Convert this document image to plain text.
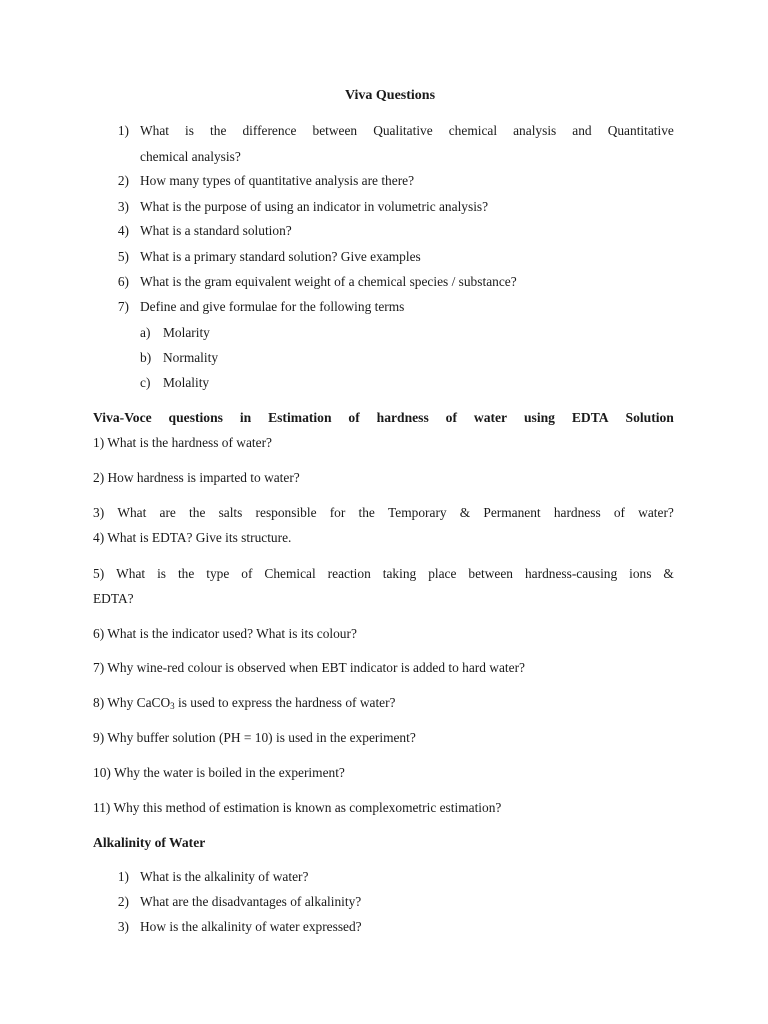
Viva Questions
1) What is the difference between Qualitative chemical analysis and Quantitative
chemical analysis?
2) How many types of quantitative analysis are there?
3) What is the purpose of using an indicator in volumetric analysis?
4) What is a standard solution?
5) What is a primary standard solution? Give examples
6) What is the gram equivalent weight of a chemical species / substance?
7) Define and give formulae for the following terms
a) Molarity
b) Normality
c) Molality
Viva-Voce questions in Estimation of hardness of water using EDTA Solution
1) What is the hardness of water?
2) How hardness is imparted to water?
3) What are the salts responsible for the Temporary & Permanent hardness of water?
4) What is EDTA? Give its structure.
5) What is the type of Chemical reaction taking place between hardness-causing ions &
EDTA?
6) What is the indicator used? What is its colour?
7) Why wine-red colour is observed when EBT indicator is added to hard water?
8) Why CaCO$_3$ is used to express the hardness of water?
9) Why buffer solution (PH = 10) is used in the experiment?
10) Why the water is boiled in the experiment?
11) Why this method of estimation is known as complexometric estimation?
Alkalinity of Water
1) What is the alkalinity of water?
2) What are the disadvantages of alkalinity?
3) How is the alkalinity of water expressed?
